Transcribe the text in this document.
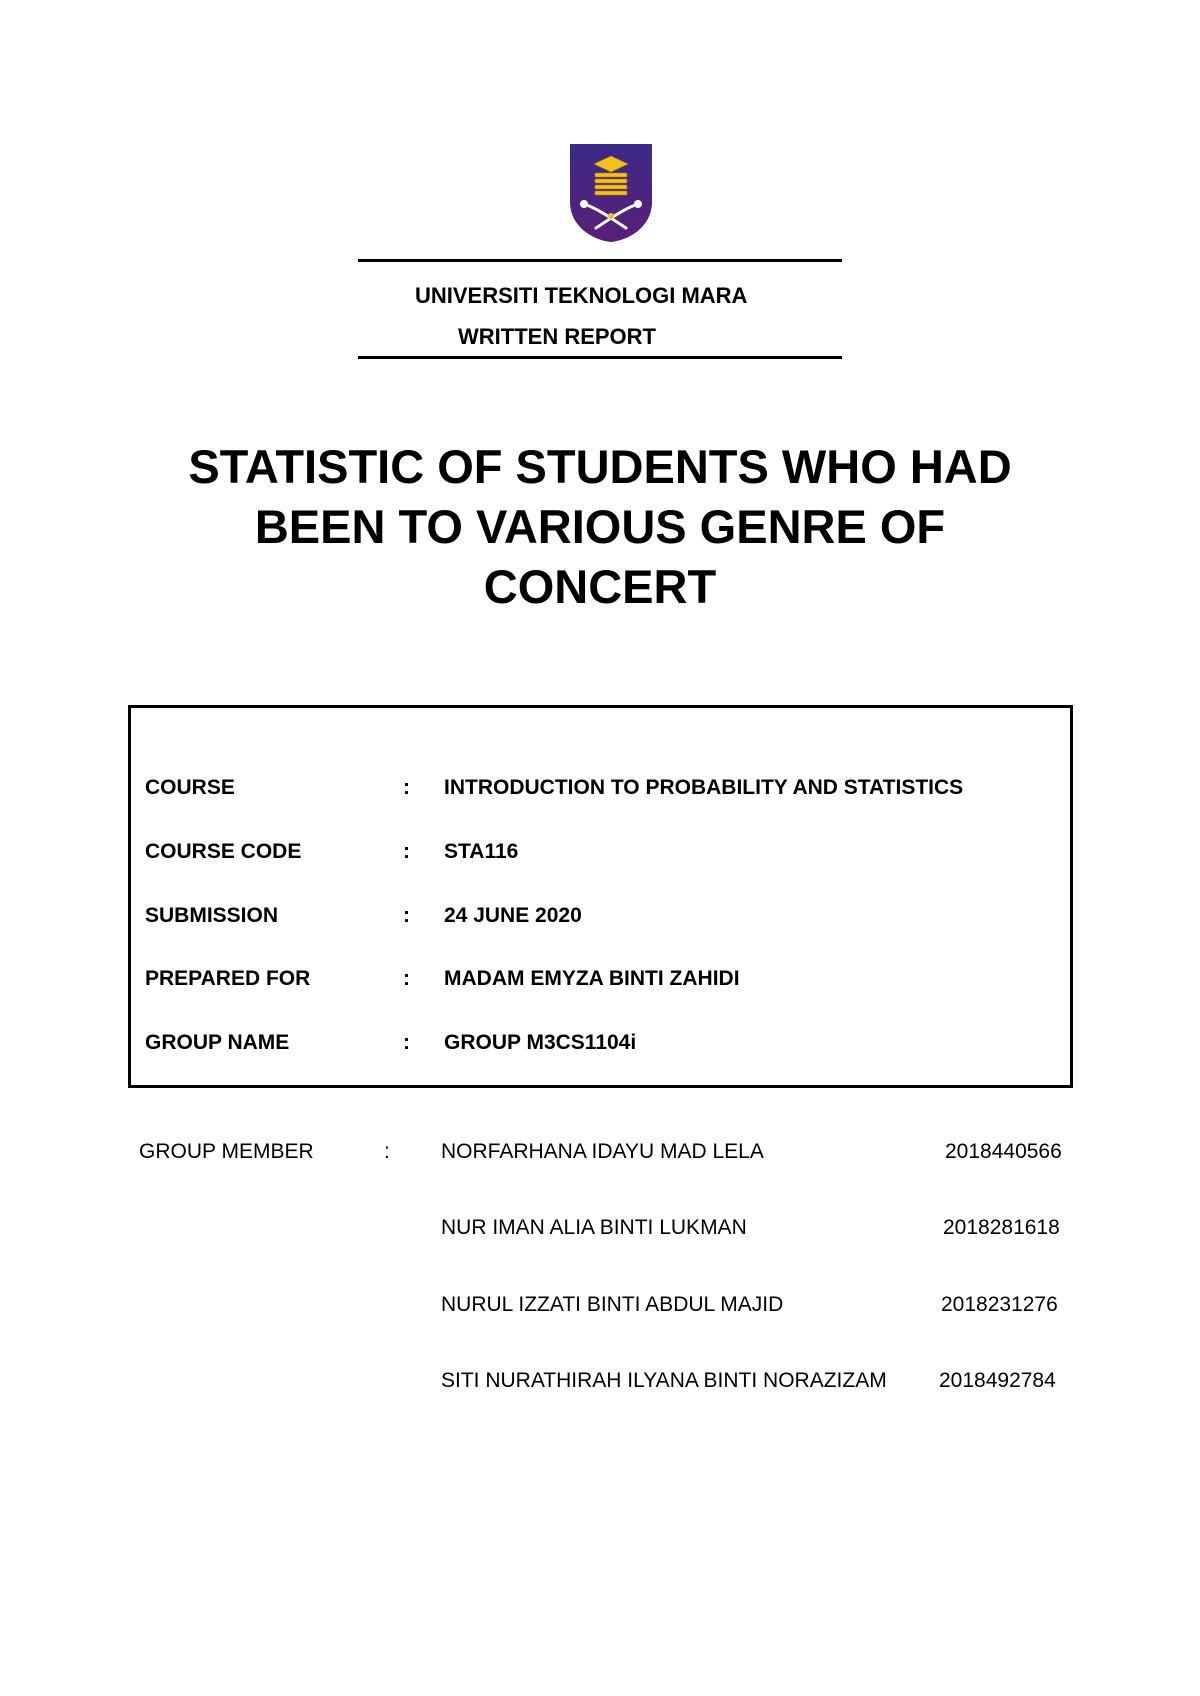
UNIVERSITI TEKNOLOGI MARA
WRITTEN REPORT
STATISTIC OF STUDENTS WHO HAD
BEEN TO VARIOUS GENRE OF
CONCERT
COURSE	: INTRODUCTION TO PROBABILITY AND STATISTICS
COURSE CODE	: STA116
SUBMISSION	: 24 JUNE 2020
PREPARED FOR	: MADAM EMYZA BINTI ZAHIDI
GROUP NAME	: GROUP M3CS1104i
GROUP MEMBER	: NORFARHANA IDAYU MAD LELA	2018440566
NUR IMAN ALIA BINTI LUKMAN	2018281618
NURUL IZZATI BINTI ABDUL MAJID	2018231276
SITI NURATHIRAH ILYANA BINTI NORAZIZAM 2018492784
